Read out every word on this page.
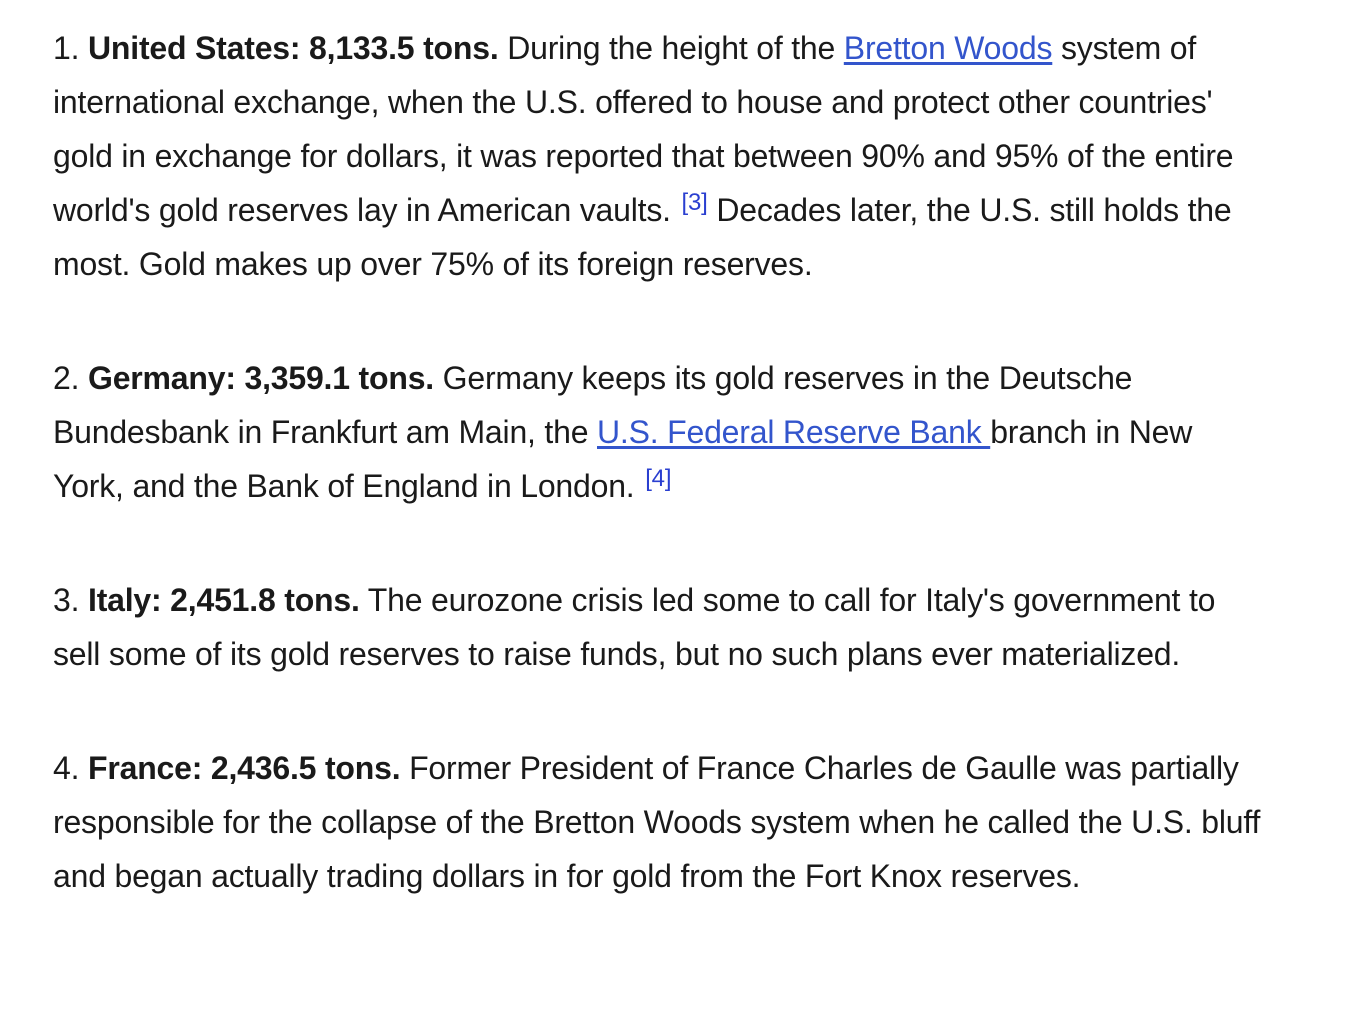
1. United States: 8,133.5 tons. During the height of the Bretton Woods system of international exchange, when the U.S. offered to house and protect other countries' gold in exchange for dollars, it was reported that between 90% and 95% of the entire world's gold reserves lay in American vaults. [3] Decades later, the U.S. still holds the most. Gold makes up over 75% of its foreign reserves.

2. Germany: 3,359.1 tons. Germany keeps its gold reserves in the Deutsche Bundesbank in Frankfurt am Main, the U.S. Federal Reserve Bank branch in New York, and the Bank of England in London. [4]

3. Italy: 2,451.8 tons. The eurozone crisis led some to call for Italy's government to sell some of its gold reserves to raise funds, but no such plans ever materialized.

4. France: 2,436.5 tons. Former President of France Charles de Gaulle was partially responsible for the collapse of the Bretton Woods system when he called the U.S. bluff and began actually trading dollars in for gold from the Fort Knox reserves.
